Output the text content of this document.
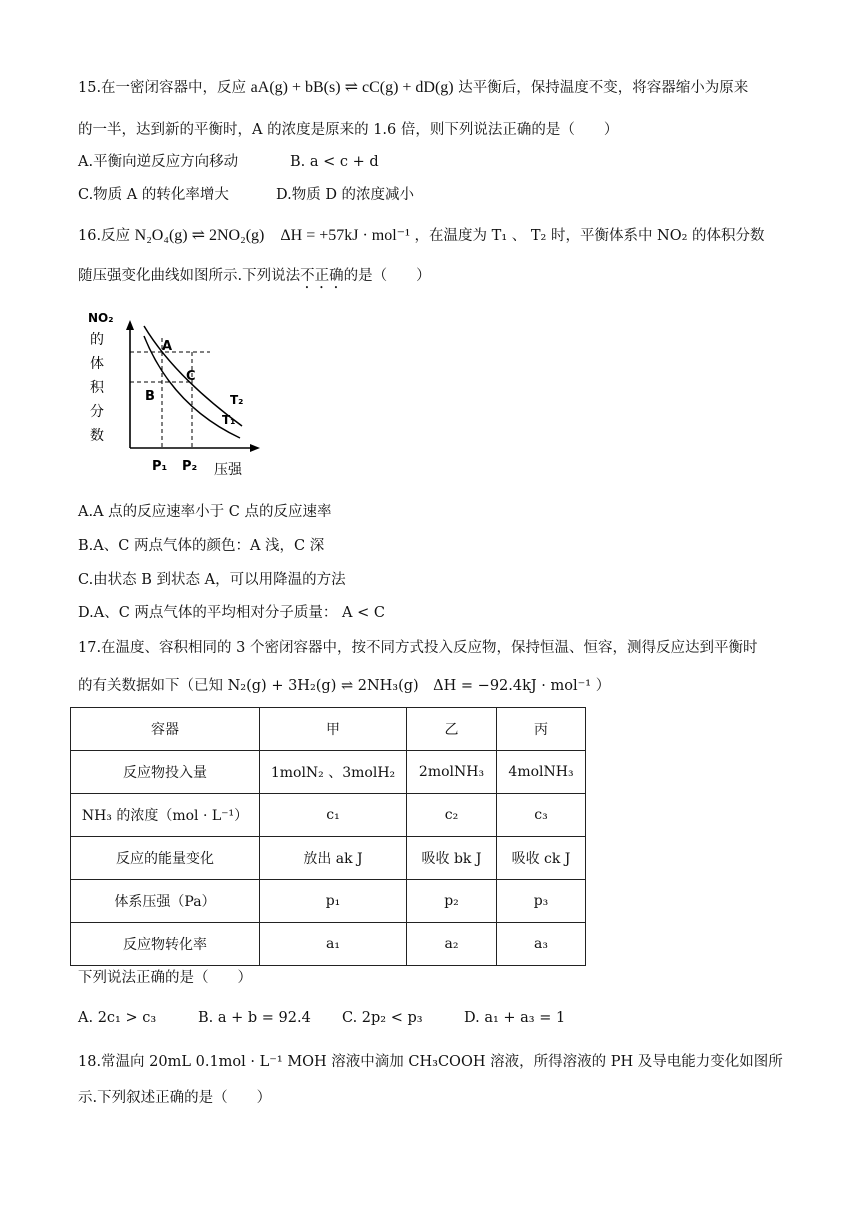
15.在一密闭容器中，反应 aA(g) + bB(s) ⇌ cC(g) + dD(g) 达平衡后，保持温度不变，将容器缩小为原来
的一半，达到新的平衡时，A 的浓度是原来的 1.6 倍，则下列说法正确的是（　　）
A.平衡向逆反应方向移动	B. a < c + d
C.物质 A 的转化率增大	D.物质 D 的浓度减小
16.反应 N₂O₄(g) ⇌ 2NO₂(g)　ΔH = +57kJ · mol⁻¹ ，在温度为 T₁ 、 T₂ 时，平衡体系中 NO₂ 的体积分数
随压强变化曲线如图所示.下列说法不正确的是（　　）
NO₂
的
体
积
分
数
A
B
C
T₂
T₁
P₁ P₂ 压强
A.A 点的反应速率小于 C 点的反应速率
B.A、C 两点气体的颜色：A 浅，C 深
C.由状态 B 到状态 A，可以用降温的方法
D.A、C 两点气体的平均相对分子质量： A < C
17.在温度、容积相同的 3 个密闭容器中，按不同方式投入反应物，保持恒温、恒容，测得反应达到平衡时
的有关数据如下（已知 N₂(g) + 3H₂(g) ⇌ 2NH₃(g)　ΔH = −92.4kJ · mol⁻¹ ）
容器	甲	乙	丙
反应物投入量	1molN₂ 、3molH₂	2molNH₃	4molNH₃
NH₃ 的浓度（mol · L⁻¹）	c₁	c₂	c₃
反应的能量变化	放出 ak J	吸收 bk J	吸收 ck J
体系压强（Pa）	p₁	p₂	p₃
反应物转化率	a₁	a₂	a₃
下列说法正确的是（　　）
A. 2c₁ > c₃	B. a + b = 92.4 C. 2p₂ < p₃	D. a₁ + a₃ = 1
18.常温向 20mL 0.1mol · L⁻¹ MOH 溶液中滴加 CH₃COOH 溶液，所得溶液的 PH 及导电能力变化如图所
示.下列叙述正确的是（　　）
